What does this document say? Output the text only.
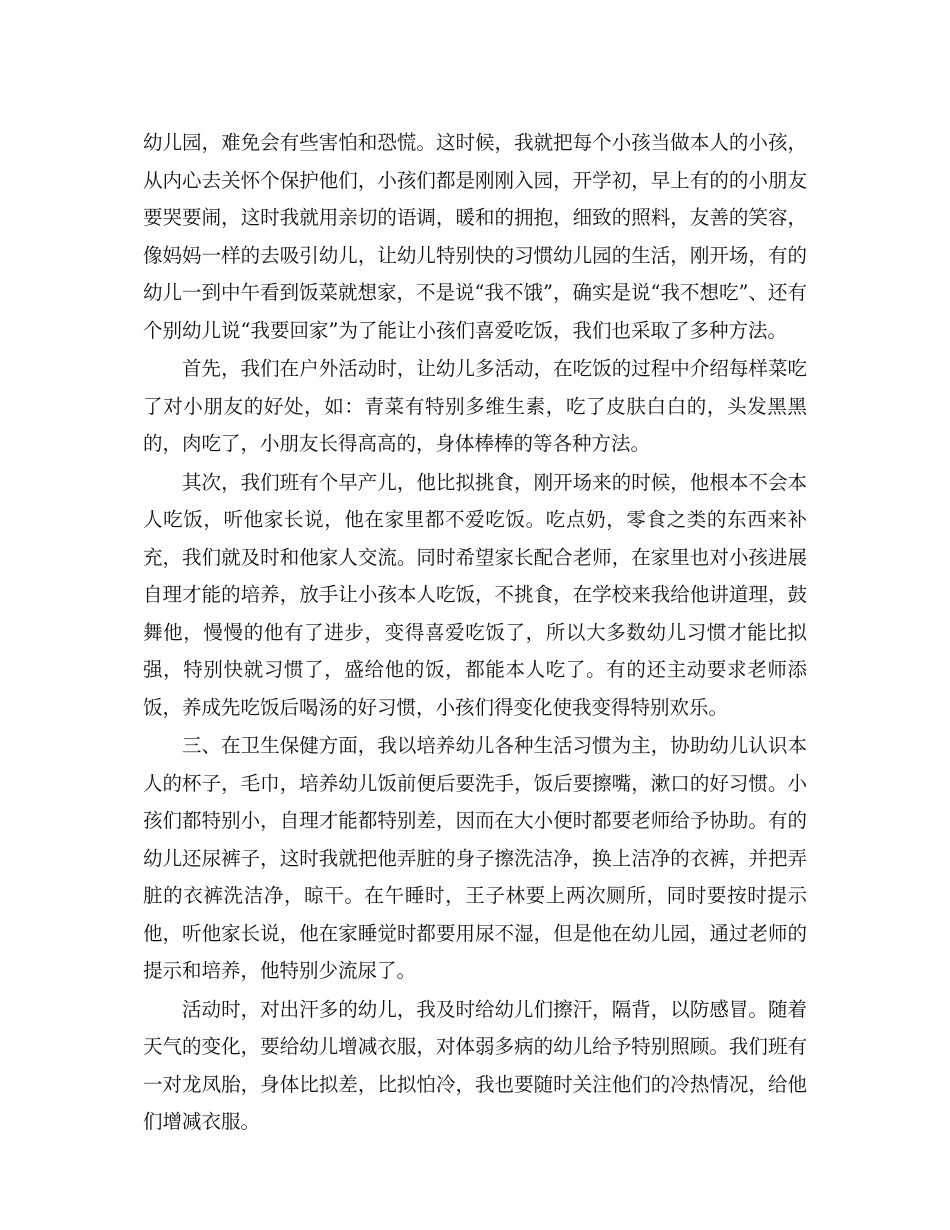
幼儿园，难免会有些害怕和恐慌。这时候，我就把每个小孩当做本人的小孩，从内心去关怀个保护他们，小孩们都是刚刚入园，开学初，早上有的的小朋友要哭要闹，这时我就用亲切的语调，暖和的拥抱，细致的照料，友善的笑容，像妈妈一样的去吸引幼儿，让幼儿特别快的习惯幼儿园的生活，刚开场，有的幼儿一到中午看到饭菜就想家，不是说“我不饿”，确实是说“我不想吃”、还有个别幼儿说“我要回家”为了能让小孩们喜爱吃饭，我们也采取了多种方法。

首先，我们在户外活动时，让幼儿多活动，在吃饭的过程中介绍每样菜吃了对小朋友的好处，如：青菜有特别多维生素，吃了皮肤白白的，头发黑黑的，肉吃了，小朋友长得高高的，身体棒棒的等各种方法。

其次，我们班有个早产儿，他比拟挑食，刚开场来的时候，他根本不会本人吃饭，听他家长说，他在家里都不爱吃饭。吃点奶，零食之类的东西来补充，我们就及时和他家人交流。同时希望家长配合老师，在家里也对小孩进展自理才能的培养，放手让小孩本人吃饭，不挑食，在学校来我给他讲道理，鼓舞他，慢慢的他有了进步，变得喜爱吃饭了，所以大多数幼儿习惯才能比拟强，特别快就习惯了，盛给他的饭，都能本人吃了。有的还主动要求老师添饭，养成先吃饭后喝汤的好习惯，小孩们得变化使我变得特别欢乐。

三、在卫生保健方面，我以培养幼儿各种生活习惯为主，协助幼儿认识本人的杯子，毛巾，培养幼儿饭前便后要洗手，饭后要擦嘴，漱口的好习惯。小孩们都特别小，自理才能都特别差，因而在大小便时都要老师给予协助。有的幼儿还尿裤子，这时我就把他弄脏的身子擦洗洁净，换上洁净的衣裤，并把弄脏的衣裤洗洁净，晾干。在午睡时，王子林要上两次厕所，同时要按时提示他，听他家长说，他在家睡觉时都要用尿不湿，但是他在幼儿园，通过老师的提示和培养，他特别少流尿了。

活动时，对出汗多的幼儿，我及时给幼儿们擦汗，隔背，以防感冒。随着天气的变化，要给幼儿增减衣服，对体弱多病的幼儿给予特别照顾。我们班有一对龙凤胎，身体比拟差，比拟怕冷，我也要随时关注他们的冷热情况，给他们增减衣服。
